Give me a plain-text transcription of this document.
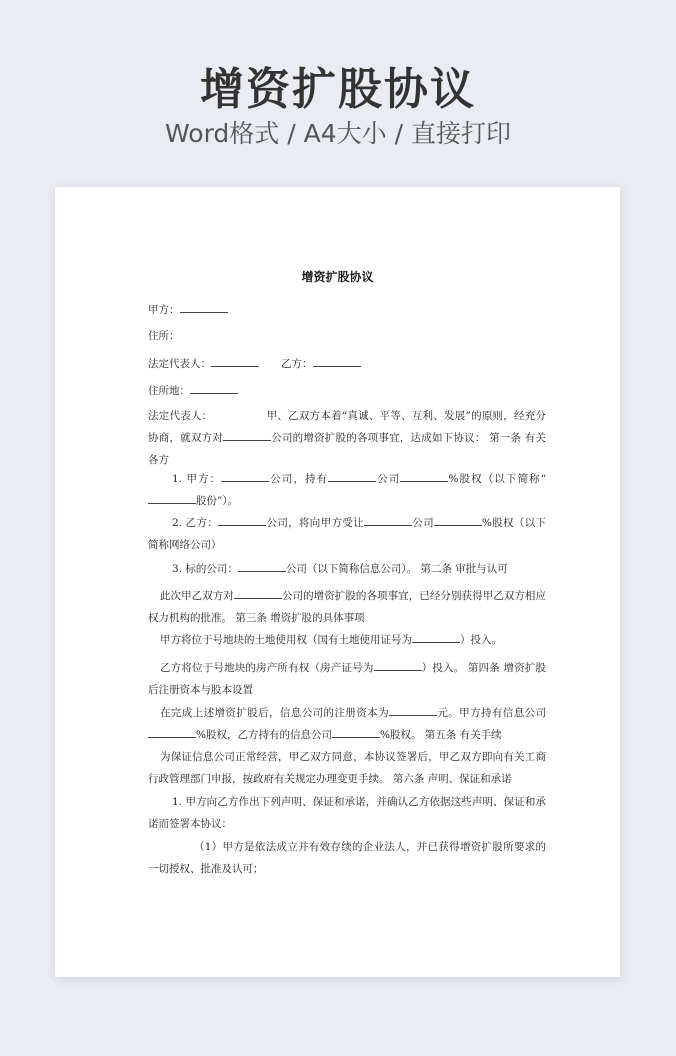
增资扩股协议
Word格式 / A4大小 / 直接打印
增资扩股协议
甲方：
住所：
法定代表人：	乙方：
住所地：
法定代表人：	甲、乙双方本着“真诚、平等、互利、发展”的原则，经充分协商，就双方对	公司的增资扩股的各项事宜，达成如下协议： 第一条 有关各方
1. 甲方：	公司，持有	公司	%股权（以下简称“股份”）。
2. 乙方：	公司，将向甲方受让	公司	%股权（以下简称网络公司）
3. 标的公司：	公司（以下简称信息公司）。 第二条 审批与认可
此次甲乙双方对	公司的增资扩股的各项事宜，已经分别获得甲乙双方相应权力机构的批准。 第三条 增资扩股的具体事项
甲方将位于号地块的土地使用权（国有土地使用证号为	）投入。
乙方将位于号地块的房产所有权（房产证号为	）投入。 第四条 增资扩股后注册资本与股本设置
在完成上述增资扩股后，信息公司的注册资本为	元。甲方持有信息公司%股权，乙方持有的信息公司	%股权。 第五条 有关手续
为保证信息公司正常经营，甲乙双方同意，本协议签署后，甲乙双方即向有关工商行政管理部门申报，按政府有关规定办理变更手续。 第六条 声明、保证和承诺
1. 甲方向乙方作出下列声明、保证和承诺，并确认乙方依据这些声明、保证和承诺而签署本协议：
（1）甲方是依法成立并有效存续的企业法人，并已获得增资扩股所要求的一切授权、批准及认可；
